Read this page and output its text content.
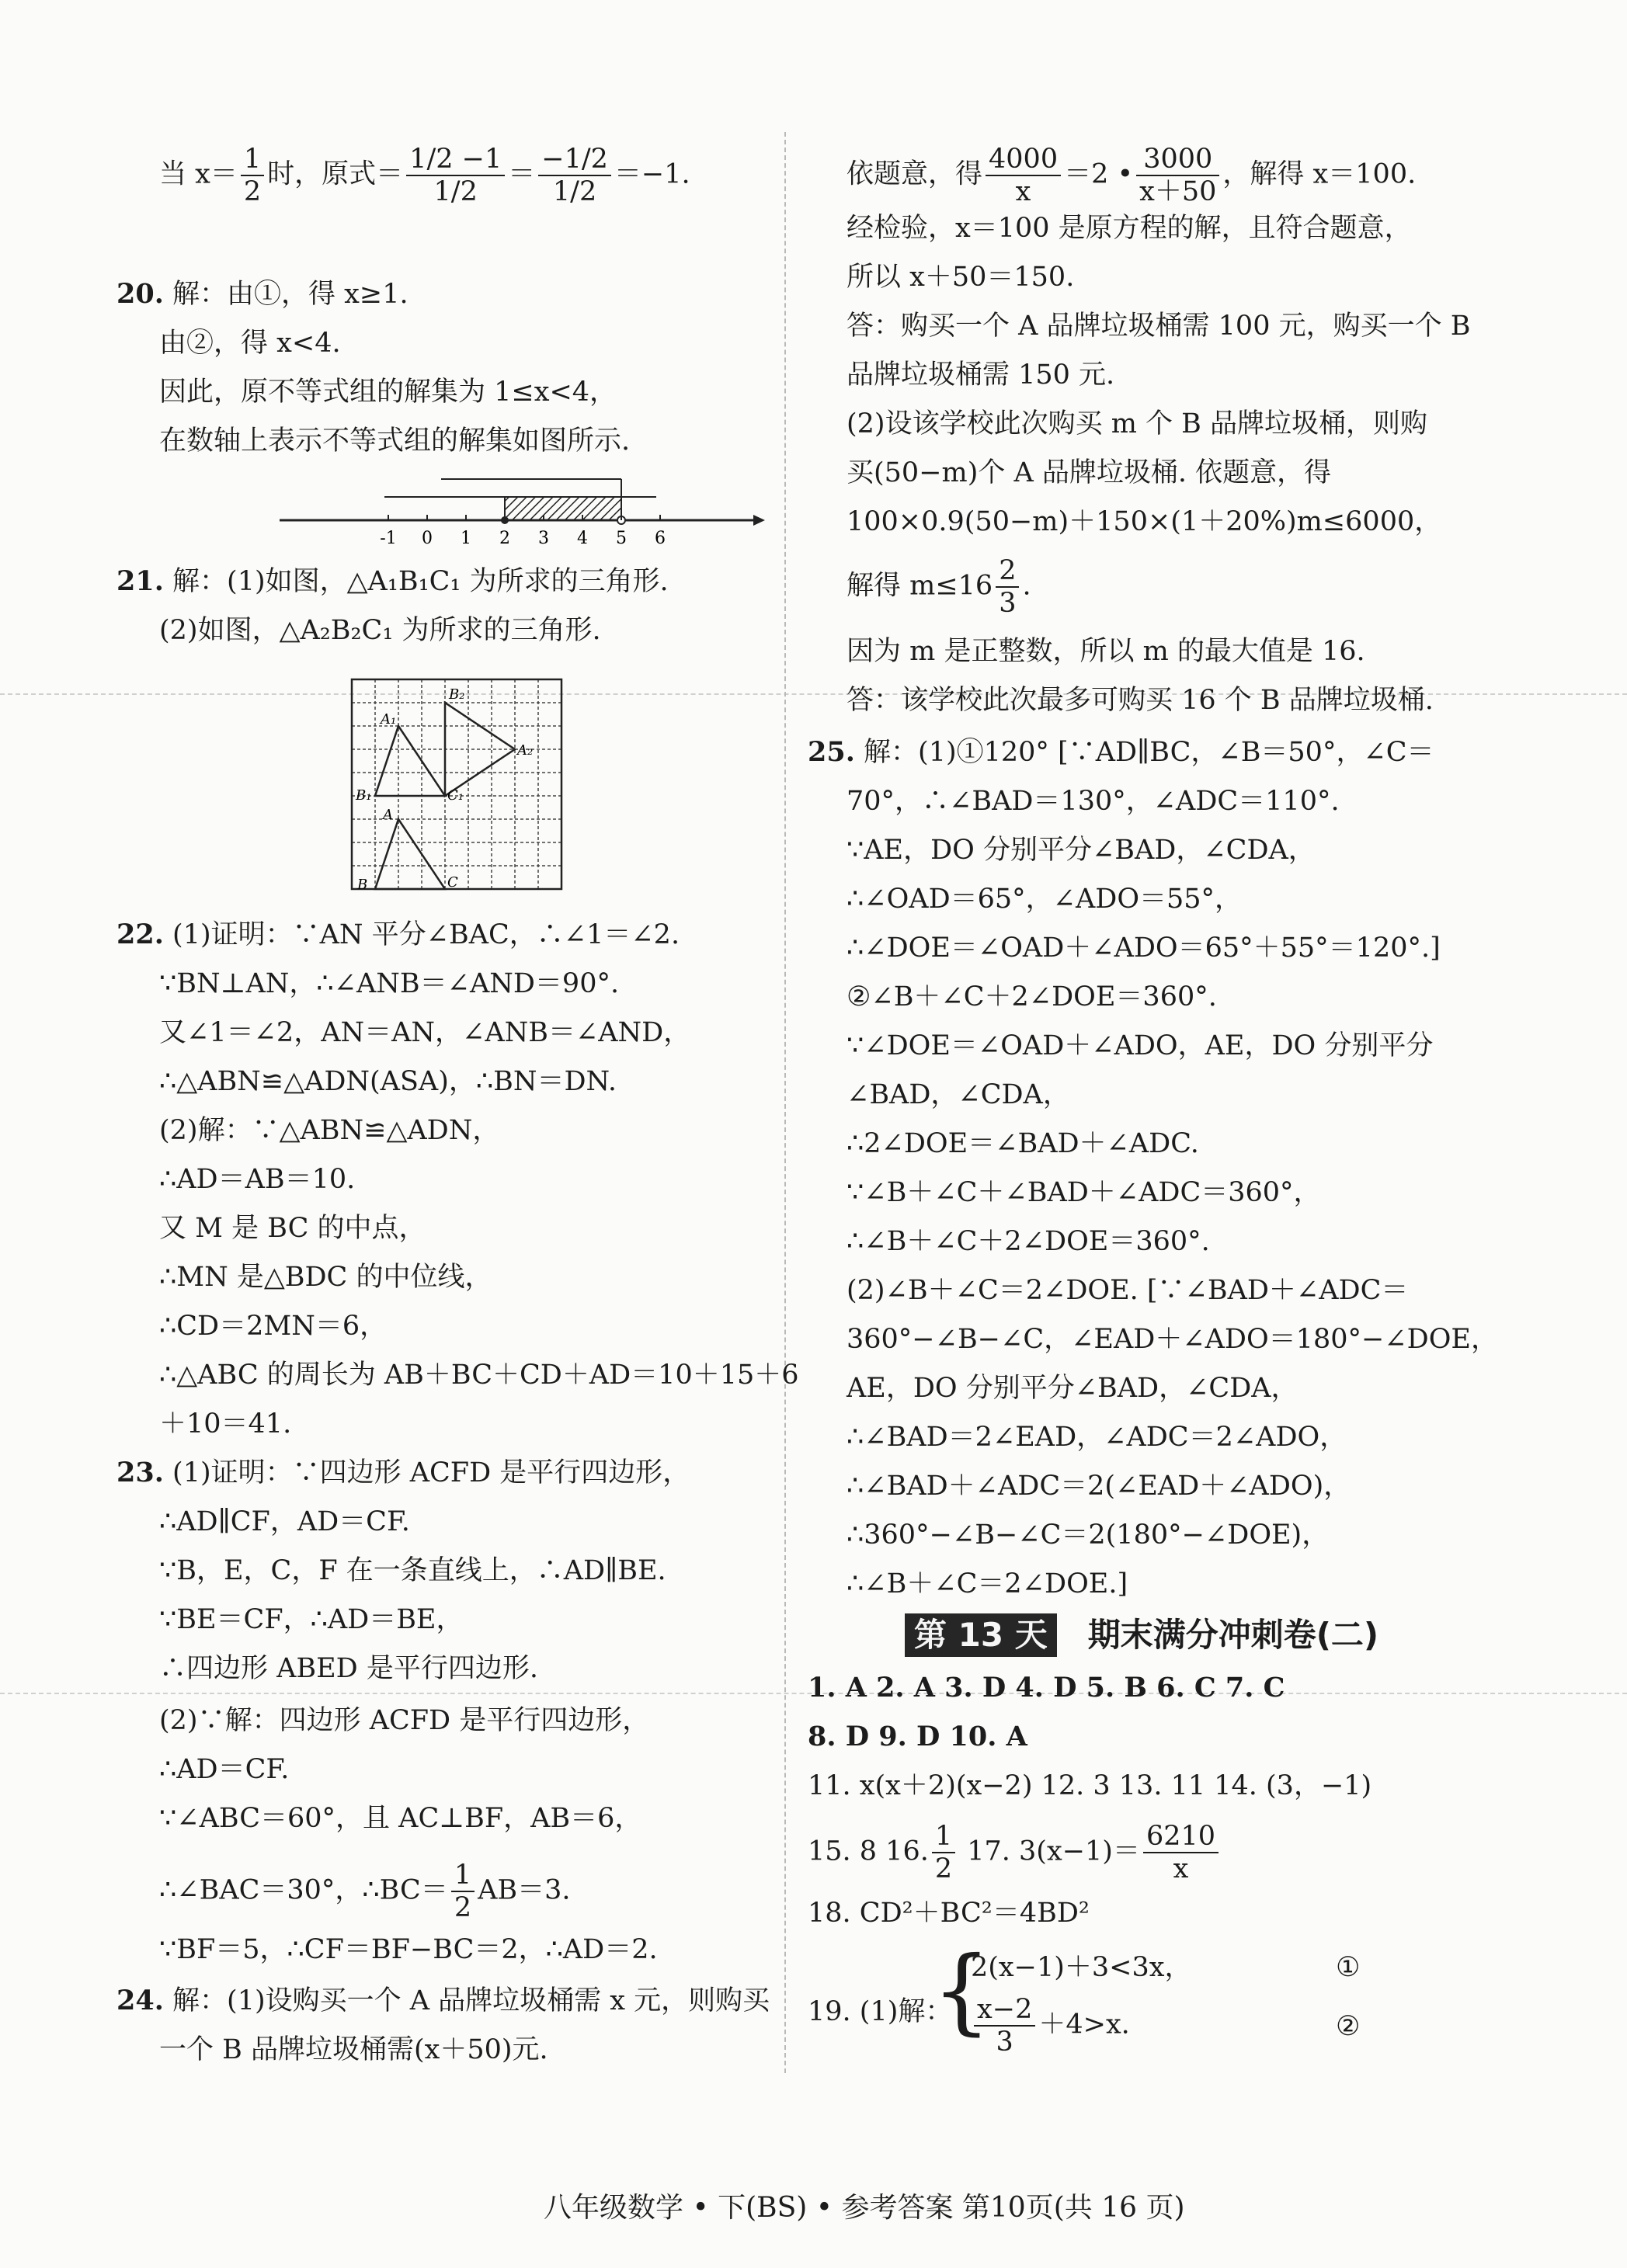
当 $x= \frac{1}{2}$ 时，原式＝ $\frac{1/2 -1}{1/2} = \frac{-1/2}{1/2} =-1$.
20. 解：由①，得 x≥1.
由②，得 x<4.
因此，原不等式组的解集为 1≤x<4，
在数轴上表示不等式组的解集如图所示.
-1 0 1 2 3 4 5 6
21. 解：(1)如图，△A₁B₁C₁ 为所求的三角形.
(2)如图，△A₂B₂C₁ 为所求的三角形.
B₂
A₁
A₂
B₁
A
C₁
B	C
22. (1)证明：∵AN 平分∠BAC，∴∠1＝∠2.
∵BN⊥AN，∴∠ANB＝∠AND＝90°.
又∠1＝∠2，AN＝AN，∠ANB＝∠AND，
∴△ABN≌△ADN(ASA)，∴BN＝DN.
(2)解：∵△ABN≌△ADN，
∴AD＝AB＝10.
又 M 是 BC 的中点，
∴MN 是△BDC 的中位线，
∴CD＝2MN＝6，
∴△ABC 的周长为 AB＋BC＋CD＋AD＝10＋15＋6
＋10＝41.
23. (1)证明：∵四边形 ACFD 是平行四边形，
∴AD∥CF，AD＝CF.
∵B，E，C，F 在一条直线上，∴AD∥BE.
∵BE＝CF，∴AD＝BE，
∴四边形 ABED 是平行四边形.
(2)∵解：四边形 ACFD 是平行四边形，
∴AD＝CF.
∵∠ABC＝60°，且 AC⊥BF，AB＝6，
∴∠BAC＝30°，∴BC＝ $\frac{1}{2} AB=3$.
∵BF＝5，∴CF＝BF−BC＝2，∴AD＝2.
24. 解：(1)设购买一个 A 品牌垃圾桶需 x 元，则购买
一个 B 品牌垃圾桶需(x＋50)元.
依题意，得 $\frac{4000}{x} =2$ • $\frac{3000}{x+50}$ ，解得 x＝100.
经检验，x＝100 是原方程的解，且符合题意，
所以 x＋50＝150.
答：购买一个 A 品牌垃圾桶需 100 元，购买一个 B
品牌垃圾桶需 150 元.
(2)设该学校此次购买 m 个 B 品牌垃圾桶，则购
买(50−m)个 A 品牌垃圾桶. 依题意，得
100×0.9(50−m)＋150×(1＋20%)m≤6000，
解得 $m\le 16 \frac{2}{3}$ .
因为 m 是正整数，所以 m 的最大值是 16.
答：该学校此次最多可购买 16 个 B 品牌垃圾桶.
25. 解：(1)①120° [∵AD∥BC，∠B＝50°，∠C＝
70°，∴∠BAD＝130°，∠ADC＝110°.
∵AE，DO 分别平分∠BAD，∠CDA，
∴∠OAD＝65°，∠ADO＝55°，
∴∠DOE＝∠OAD＋∠ADO＝65°＋55°＝120°.]
②∠B＋∠C＋2∠DOE＝360°.
∵∠DOE＝∠OAD＋∠ADO，AE，DO 分别平分
∠BAD，∠CDA，
∴2∠DOE＝∠BAD＋∠ADC.
∵∠B＋∠C＋∠BAD＋∠ADC＝360°，
∴∠B＋∠C＋2∠DOE＝360°.
(2)∠B＋∠C＝2∠DOE. [∵∠BAD＋∠ADC＝
360°−∠B−∠C，∠EAD＋∠ADO＝180°−∠DOE，
AE，DO 分别平分∠BAD，∠CDA，
∴∠BAD＝2∠EAD，∠ADC＝2∠ADO，
∴∠BAD＋∠ADC＝2(∠EAD＋∠ADO)，
∴360°−∠B−∠C＝2(180°−∠DOE)，
∴∠B＋∠C＝2∠DOE.]
第 13 天 期末满分冲刺卷(二)
1. A 2. A 3. D 4. D 5. B 6. C 7. C
8. D 9. D 10. A
11. x(x＋2)(x−2) 12. 3 13. 11 14. (3，−1)
15. 8 16. $\frac{1}{2} 17$. $3(x-1)= \frac{6210}{x}$
18. CD²＋BC²＝4BD²
19. (1)解：
{
2(x−1)＋3<3x，
$\frac{x-2}{3} +4>x$.
①
②
八年级数学 • 下(BS) • 参考答案 第10页(共 16 页)
